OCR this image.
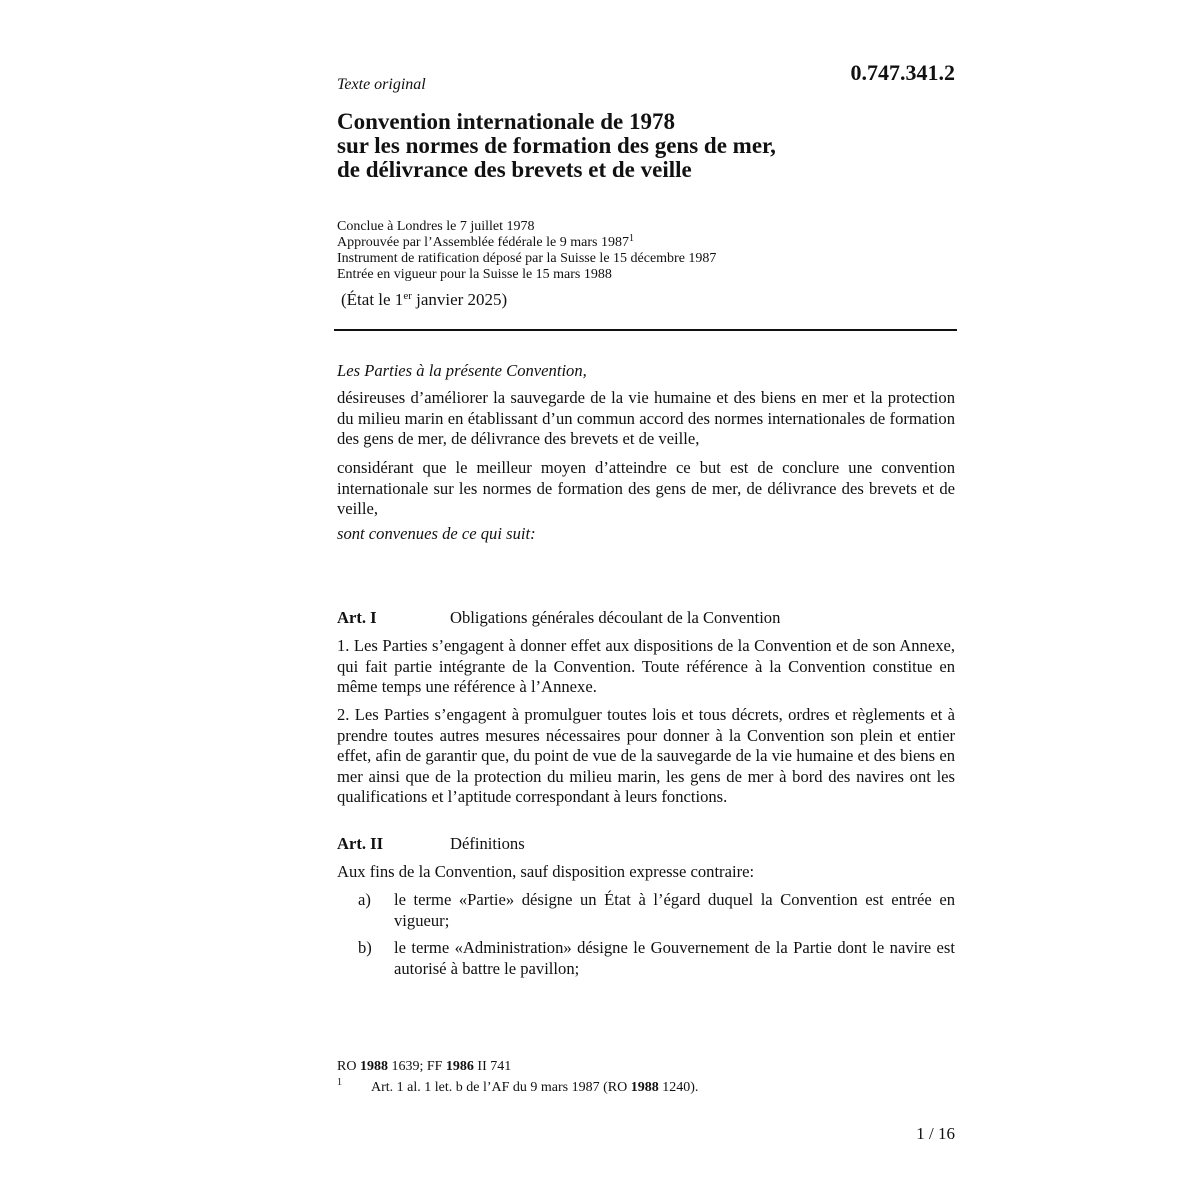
0.747.341.2
Texte original
Convention internationale de 1978
sur les normes de formation des gens de mer,
de délivrance des brevets et de veille
Conclue à Londres le 7 juillet 1978
Approuvée par l’Assemblée fédérale le 9 mars 1987$^1$
Instrument de ratification déposé par la Suisse le 15 décembre 1987
Entrée en vigueur pour la Suisse le 15 mars 1988
(État le 1er janvier 2025)
Les Parties à la présente Convention,
désireuses d’améliorer la sauvegarde de la vie humaine et des biens en mer et la protection du milieu marin en établissant d’un commun accord des normes internationales de formation des gens de mer, de délivrance des brevets et de veille,
considérant que le meilleur moyen d’atteindre ce but est de conclure une convention internationale sur les normes de formation des gens de mer, de délivrance des brevets et de veille,
sont convenues de ce qui suit:
Art. I	Obligations générales découlant de la Convention
1. Les Parties s’engagent à donner effet aux dispositions de la Convention et de son Annexe, qui fait partie intégrante de la Convention. Toute référence à la Convention constitue en même temps une référence à l’Annexe.
2. Les Parties s’engagent à promulguer toutes lois et tous décrets, ordres et règlements et à prendre toutes autres mesures nécessaires pour donner à la Convention son plein et entier effet, afin de garantir que, du point de vue de la sauvegarde de la vie humaine et des biens en mer ainsi que de la protection du milieu marin, les gens de mer à bord des navires ont les qualifications et l’aptitude correspondant à leurs fonctions.
Art. II	Définitions
Aux fins de la Convention, sauf disposition expresse contraire:
a) le terme «Partie» désigne un État à l’égard duquel la Convention est entrée en vigueur;
b) le terme «Administration» désigne le Gouvernement de la Partie dont le navire est autorisé à battre le pavillon;
RO 1988 1639; FF 1986 II 741
1 Art. 1 al. 1 let. b de l’AF du 9 mars 1987 (RO 1988 1240).
1 / 16
